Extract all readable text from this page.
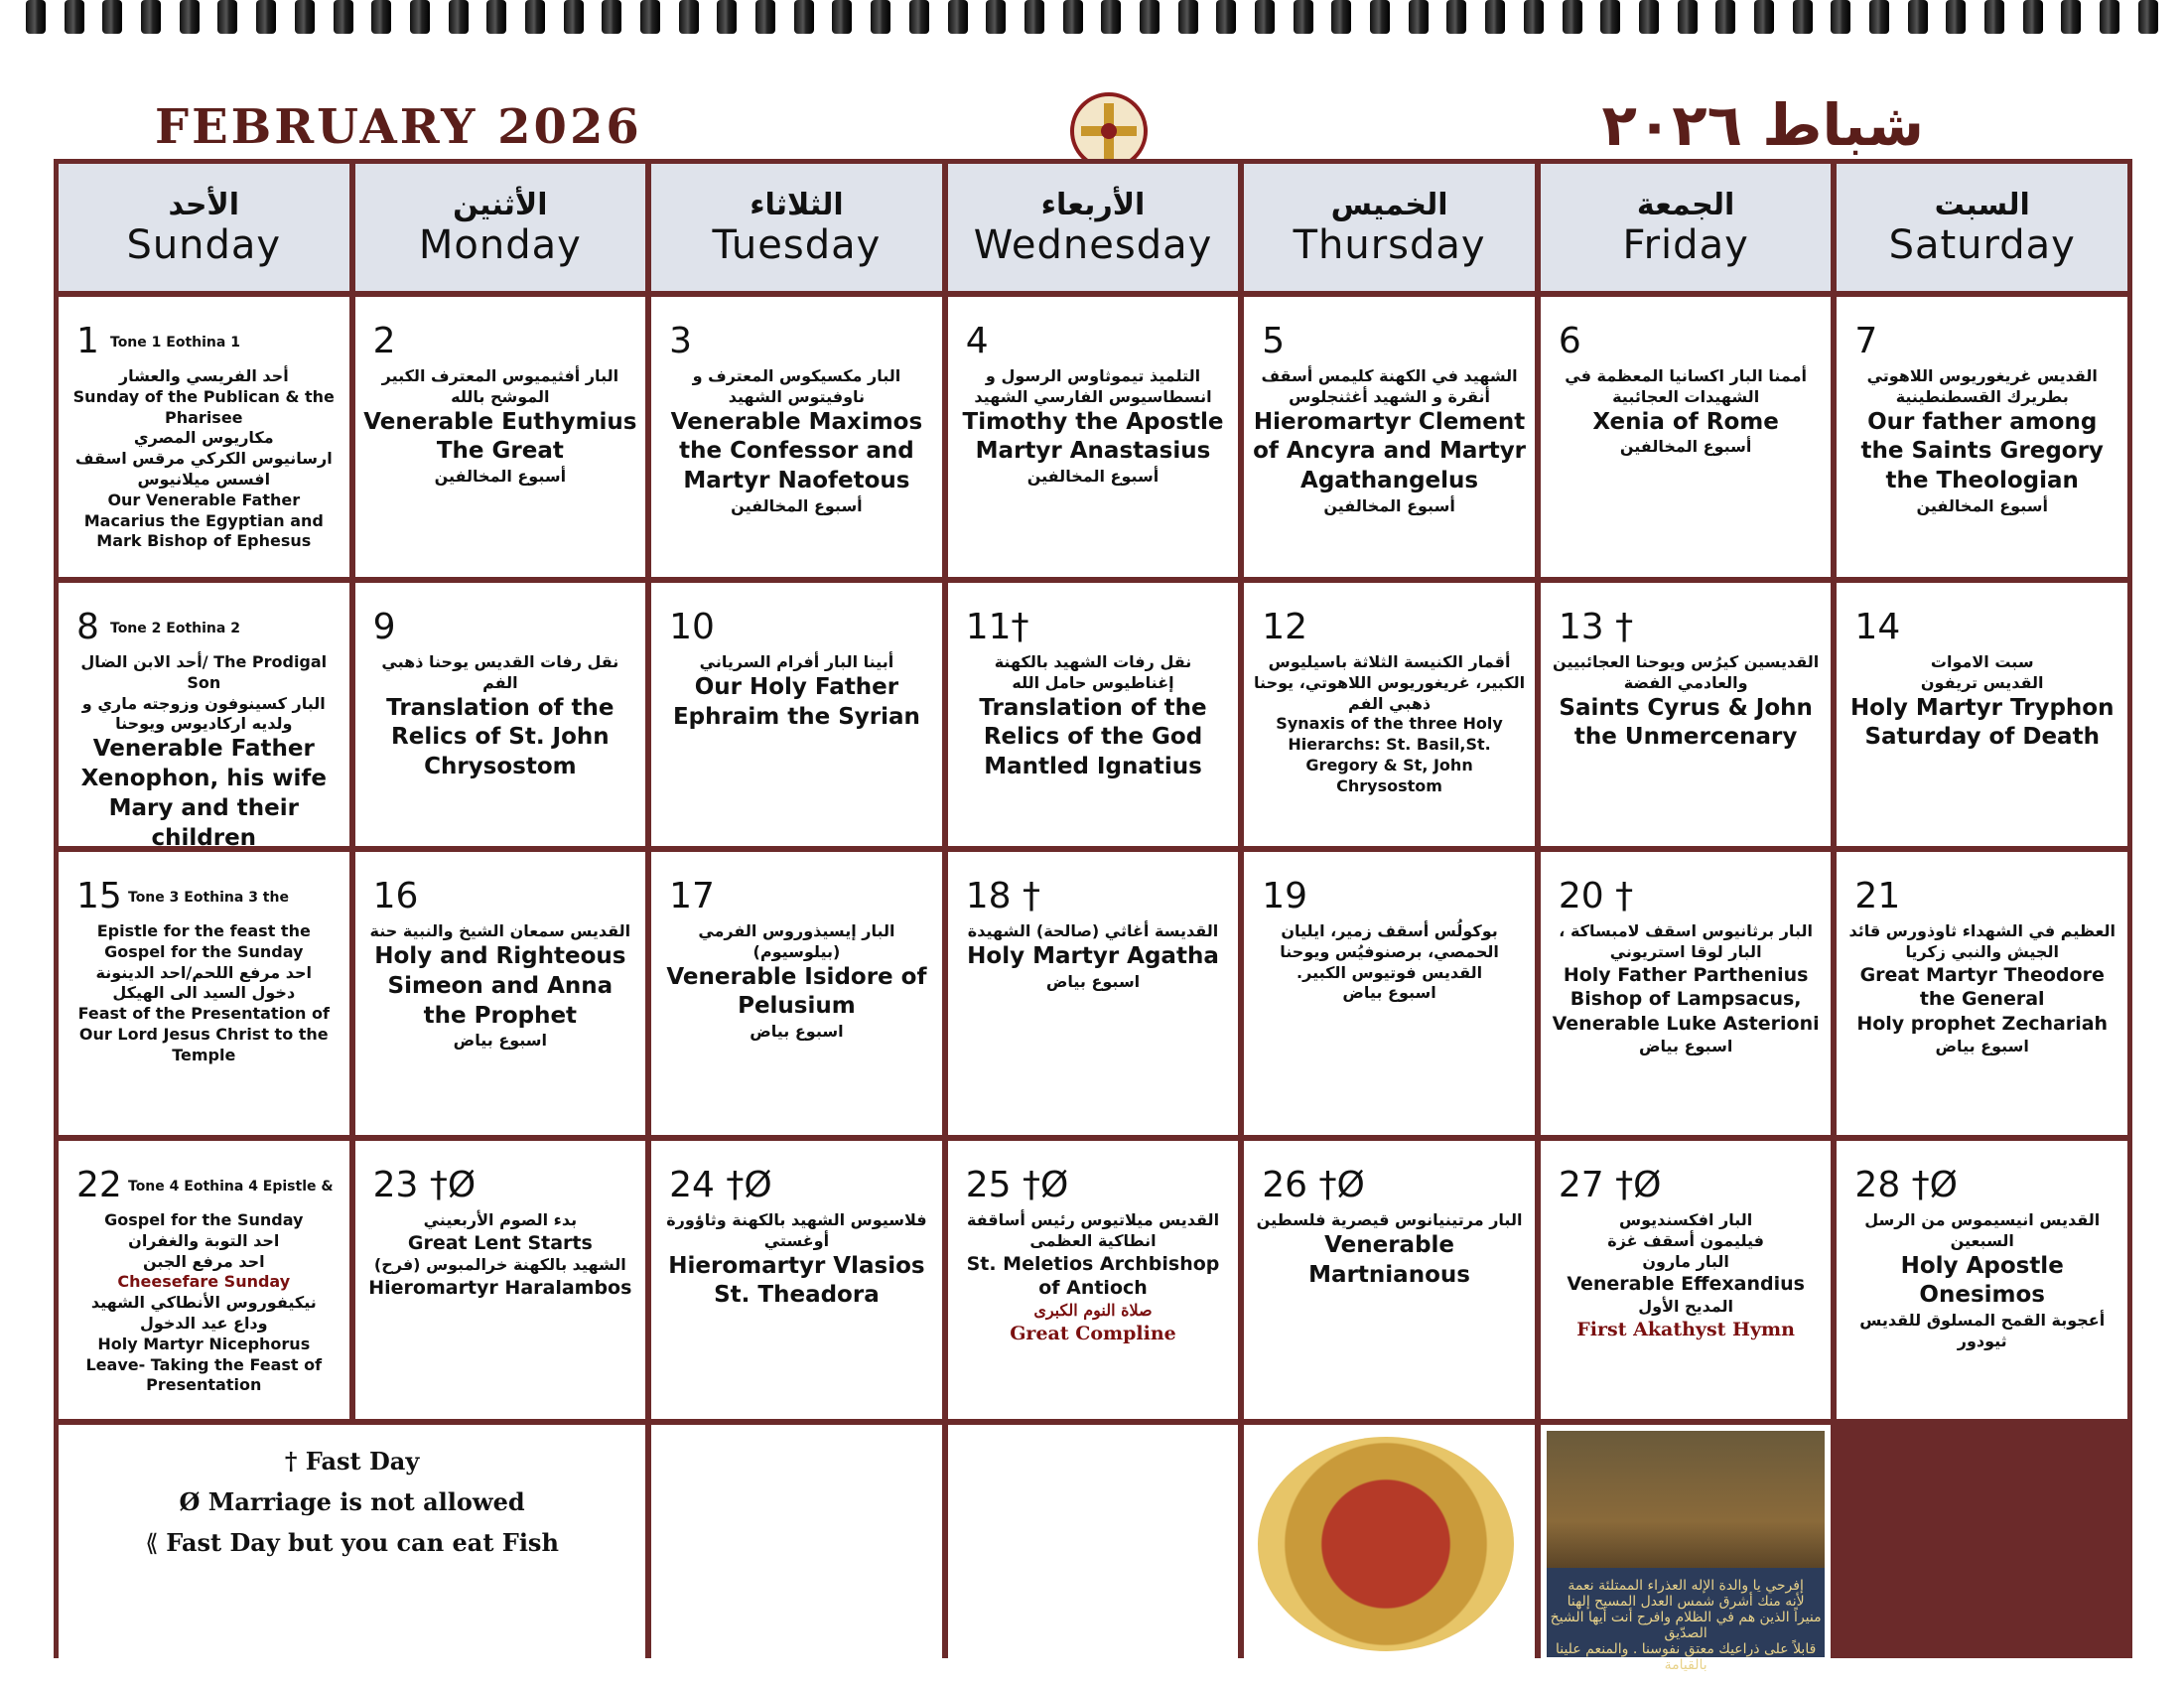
FEBRUARY 2026	شباط ٢٠٢٦
الأحد
Sunday
الأثنين
Monday
الثلاثاء
Tuesday
الأربعاء
Wednesday
الخميس
Thursday
الجمعة
Friday
السبت
Saturday
1 Tone 1 Eothina 1
أحد الفريسي والعشار
Sunday of the Publican & the Pharisee
مكاريوس المصري
ارسانيوس الكركي مرقس اسقف افسس ميلانيوس
Our Venerable Father Macarius the Egyptian and Mark Bishop of Ephesus
2
البار أفثيميوس المعترف الكبير الموشح بالله
Venerable Euthymius The Great
أسبوع المخالفين
3
البار مكسيكوس المعترف و ناوفيتوس الشهيد
Venerable Maximos the Confessor and Martyr Naofetous
أسبوع المخالفين
4
التلميذ تيموثاوس الرسول و انسطاسيوس الفارسي الشهيد
Timothy the Apostle Martyr Anastasius
أسبوع المخالفين
5
الشهيد في الكهنة كليمس أسقف أنقرة و الشهيد أغثنجلوس
Hieromartyr Clement of Ancyra and Martyr Agathangelus
أسبوع المخالفين
6
أممنا البار اكسانيا المعظمة في الشهيدات العجائبية
Xenia of Rome
أسبوع المخالفين
7
القديس غريغوريوس اللاهوتي بطريرك القسطنطينية
Our father among the Saints Gregory the Theologian
أسبوع المخالفين
8 Tone 2 Eothina 2
The Prodigal /أحد الابن الضال Son
البار كسينوفون وزوجته ماري و ولديه اركاديوس ويوحنا
Venerable Father Xenophon, his wife Mary and their children
9
نقل رفات القديس يوحنا ذهبي الفم
Translation of the Relics of St. John Chrysostom
10
أبينا البار أفرام السرياني
Our Holy Father Ephraim the Syrian
11†
نقل رفات الشهيد بالكهنة إغناطيوس حامل الله
Translation of the Relics of the God Mantled Ignatius
12
أقمار الكنيسة الثلاثة باسيليوس الكبير، غريغوريوس اللاهوتي، يوحنا ذهبي الفم
Synaxis of the three Holy Hierarchs: St. Basil,St. Gregory & St, John Chrysostom
13 †
القديسين كيرُس ويوحنا العجائبيين والعادمي الفضة
Saints Cyrus & John the Unmercenary
14
سبت الاموات
القديس تريفون
Holy Martyr Tryphon Saturday of Death
15 Tone 3 Eothina 3 the
Epistle for the feast the Gospel for the Sunday
احد مرفع اللحم/احد الدينونة
دخول السيد الى الهيكل
Feast of the Presentation of Our Lord Jesus Christ to the Temple
16
القديس سمعان الشيخ والنبية حنة
Holy and Righteous Simeon and Anna the Prophet
اسبوع بياض
17
البار إيسيذوروس الفرمي (بيلوسيوم)
Venerable Isidore of Pelusium
اسبوع بياض
18 †
القديسة أغاثي (صالحة) الشهيدة
Holy Martyr Agatha
اسبوع بياض
19
بوكولُس أسقف زمير، ايليان الحمصي، برصنوفيُس ويوحنا القديس فوتيوس الكبير.
اسبوع بياض
20 †
البار برثانيوس اسقف لامبساكة ، البار لوقا استريوني
Holy Father Parthenius Bishop of Lampsacus, Venerable Luke Asterioni
اسبوع بياض
21
العظيم في الشهداء ثاوذورس قائد الجيش والنبي زكريا
Great Martyr Theodore the General
Holy prophet Zechariah
اسبوع بياض
22 Tone 4 Eothina 4 Epistle &
Gospel for the Sunday
احد التوبة والغفران
احد مرفع الجبن
Cheesefare Sunday
نيكيفوروس الأنطاكي الشهيد
وداع عيد الدخول
Holy Martyr Nicephorus
Leave- Taking the Feast of Presentation
23 †Ø
بدء الصوم الأربعيني
Great Lent Starts
الشهيد بالكهنة خرالمبوس (فرح)
Hieromartyr Haralambos
24 †Ø
فلاسيوس الشهيد بالكهنة وثاؤورة أوغستي
Hieromartyr Vlasios St. Theadora
25 †Ø
القديس ميلاتيوس رئيس أساقفة انطاكية العظمى
St. Meletios Archbishop of Antioch
صلاة النوم الكبرى
Great Compline
26 †Ø
البار مرتينيانوس قيصرية فلسطين
Venerable Martnianous
27 †Ø
البار افكسنديوس
فيليمون أسقف غزة
البار مارون
Venerable Effexandius
المديح الأول
First Akathyst Hymn
28 †Ø
القديس انيسيموس من الرسل السبعين
Holy Apostle Onesimos
أعجوبة القمح المسلوق للقديس ثيودور
† Fast Day
Ø Marriage is not allowed
⟪ Fast Day but you can eat Fish
إفرحي يا والدة الإله العذراء الممتلئة نعمة
لأنه منك أشرق شمس العدل المسيح إلهنا
منيراً الذين هم في الظلام وافرح أنت أيها الشيخ الصدّيق
قابلاً على ذراعيك معتق نفوسنا . والمنعم علينا بالقيامة
